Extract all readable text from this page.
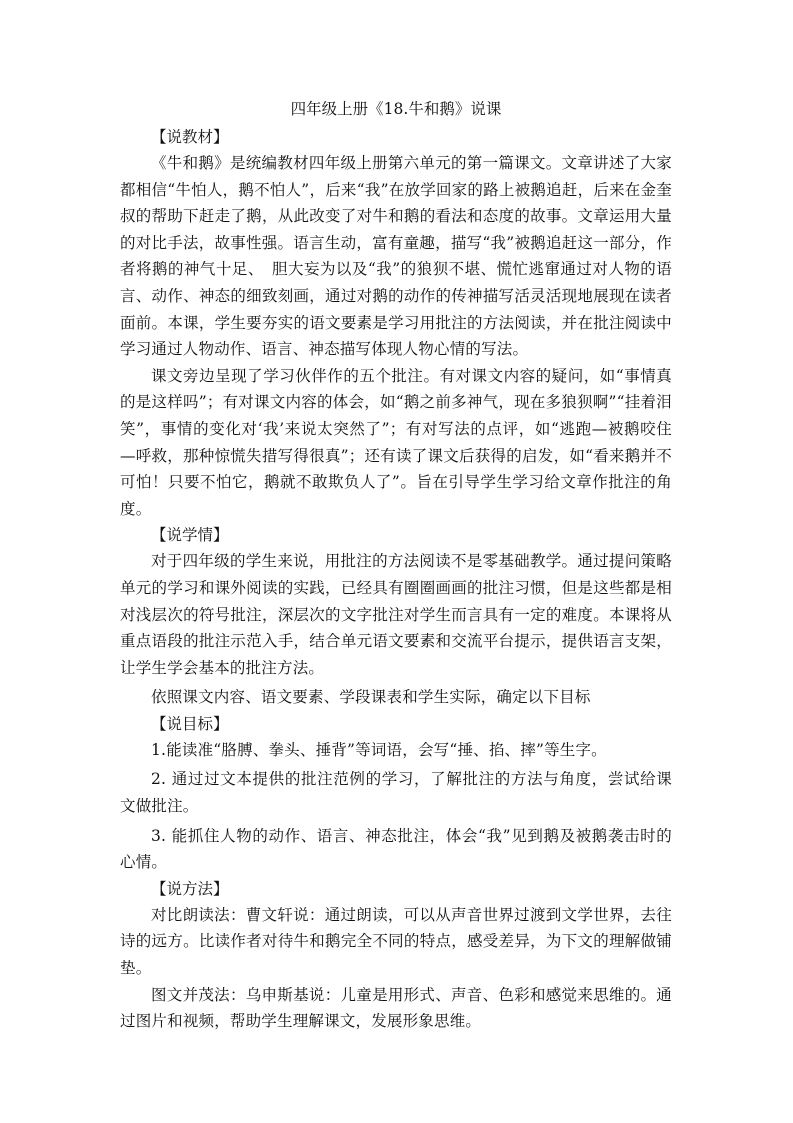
四年级上册《18.牛和鹅》说课

【说教材】

《牛和鹅》是统编教材四年级上册第六单元的第一篇课文。文章讲述了大家都相信“牛怕人，鹅不怕人”，后来“我”在放学回家的路上被鹅追赶，后来在金奎叔的帮助下赶走了鹅，从此改变了对牛和鹅的看法和态度的故事。文章运用大量的对比手法，故事性强。语言生动，富有童趣，描写“我”被鹅追赶这一部分，作者将鹅的神气十足、　胆大妄为以及“我”的狼狈不堪、慌忙逃窜通过对人物的语言、动作、神态的细致刻画，通过对鹅的动作的传神描写活灵活现地展现在读者面前。本课，学生要夯实的语文要素是学习用批注的方法阅读，并在批注阅读中学习通过人物动作、语言、神态描写体现人物心情的写法。

课文旁边呈现了学习伙伴作的五个批注。有对课文内容的疑问，如“事情真的是这样吗”；有对课文内容的体会，如“鹅之前多神气，现在多狼狈啊”“挂着泪笑”，事情的变化对‘我’来说太突然了”；有对写法的点评，如“逃跑—被鹅咬住—呼救，那种惊慌失措写得很真”；还有读了课文后获得的启发，如“看来鹅并不可怕！只要不怕它，鹅就不敢欺负人了”。旨在引导学生学习给文章作批注的角度。

【说学情】

对于四年级的学生来说，用批注的方法阅读不是零基础教学。通过提问策略单元的学习和课外阅读的实践，已经具有圈圈画画的批注习惯，但是这些都是相对浅层次的符号批注，深层次的文字批注对学生而言具有一定的难度。本课将从重点语段的批注示范入手，结合单元语文要素和交流平台提示，提供语言支架，让学生学会基本的批注方法。

依照课文内容、语文要素、学段课表和学生实际，确定以下目标

【说目标】

1.能读准“胳膊、拳头、捶背”等词语，会写“捶、掐、摔”等生字。

2. 通过过文本提供的批注范例的学习，了解批注的方法与角度，尝试给课文做批注。

3. 能抓住人物的动作、语言、神态批注，体会“我”见到鹅及被鹅袭击时的心情。

【说方法】

对比朗读法：曹文轩说：通过朗读，可以从声音世界过渡到文学世界，去往诗的远方。比读作者对待牛和鹅完全不同的特点，感受差异，为下文的理解做铺垫。

图文并茂法：乌申斯基说：儿童是用形式、声音、色彩和感觉来思维的。通过图片和视频，帮助学生理解课文，发展形象思维。
